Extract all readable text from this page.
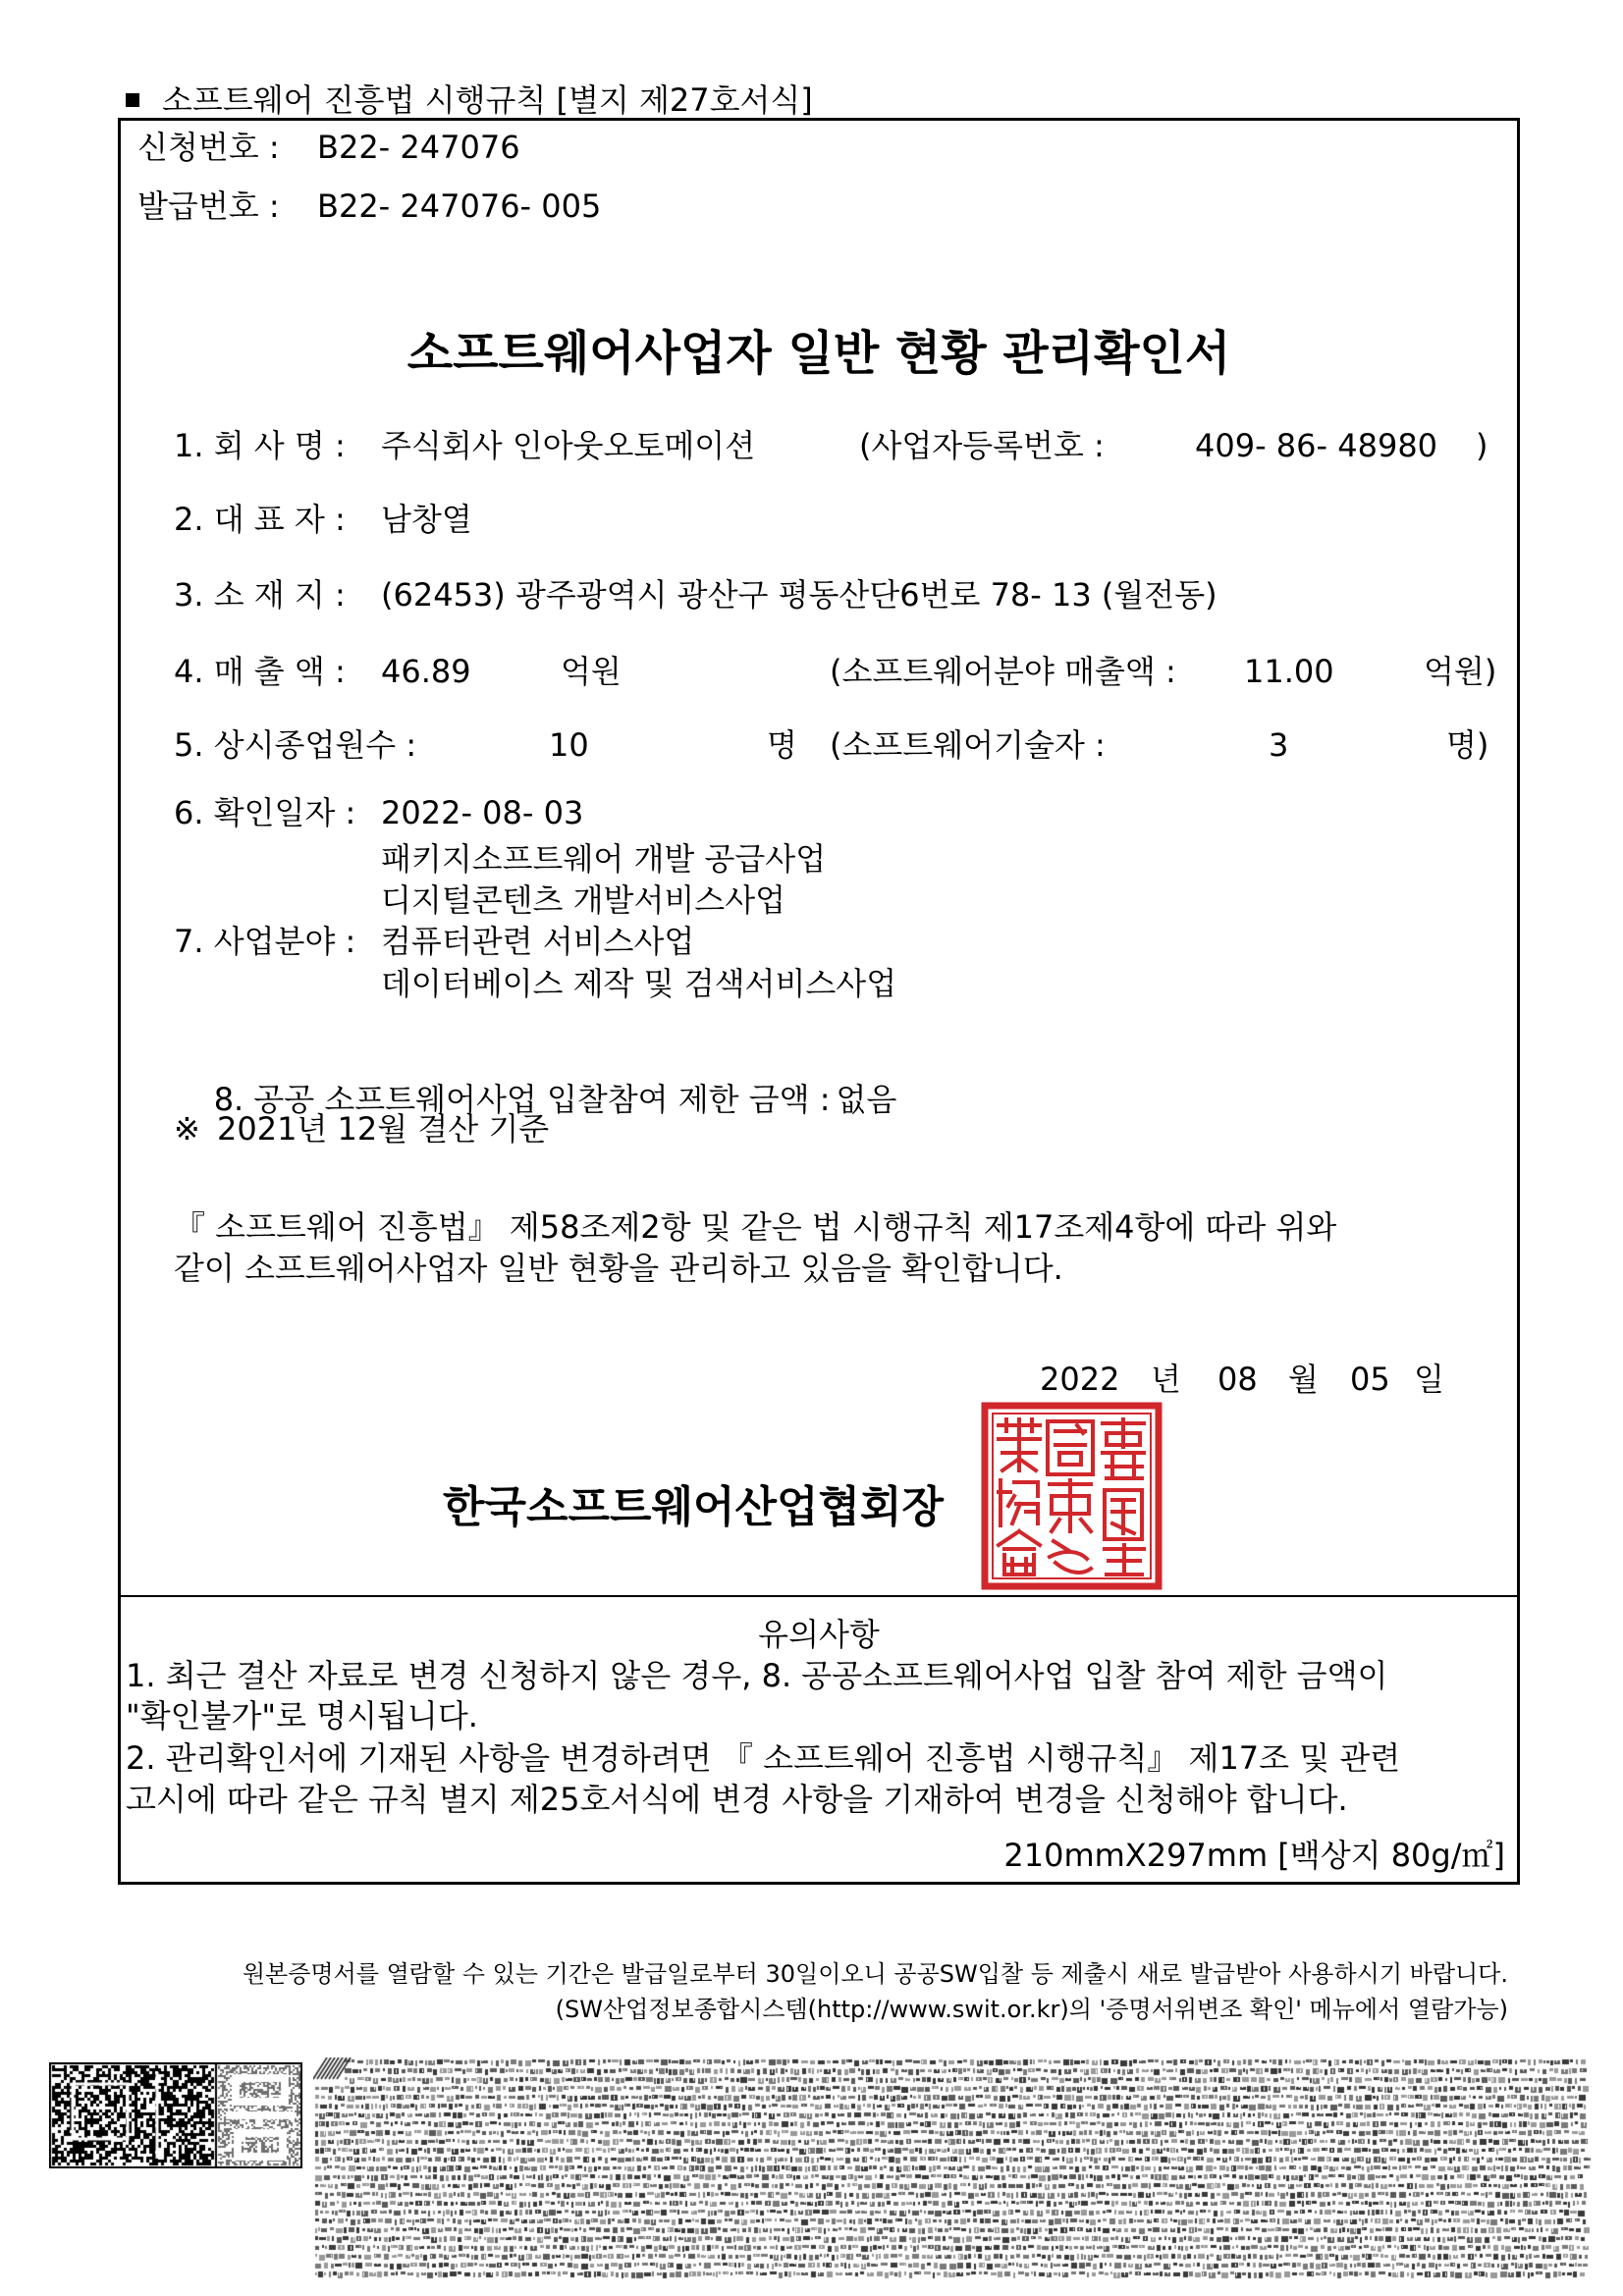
소프트웨어 진흥법 시행규칙 [별지 제27호서식]
신청번호 : B22- 247076
발급번호 : B22- 247076- 005
소프트웨어사업자 일반 현황 관리확인서
1. 회 사 명 : 주식회사 인아웃오토메이션	(사업자등록번호 :	409- 86- 48980 )
2. 대 표 자 : 남창열
3. 소 재 지 : (62453) 광주광역시 광산구 평동산단6번로 78- 13 (월전동)
4. 매 출 액 : 46.89	억원	(소프트웨어분야 매출액 : 11.00	억원)
5. 상시종업원수 :	10	명 (소프트웨어기술자 :	3	명)
6. 확인일자 : 2022- 08- 03
패키지소프트웨어 개발 공급사업
디지털콘텐츠 개발서비스사업
7. 사업분야 : 컴퓨터관련 서비스사업
데이터베이스 제작 및 검색서비스사업

8. 공공 소프트웨어사업 입찰참여 제한 금액 : 없음

※ 2021년 12월 결산 기준
『 소프트웨어 진흥법』 제58조제2항 및 같은 법 시행규칙 제17조제4항에 따라 위와
같이 소프트웨어사업자 일반 현황을 관리하고 있음을 확인합니다.
2022 년 08 월 05 일
한국소프트웨어산업협회장
유의사항
1. 최근 결산 자료로 변경 신청하지 않은 경우, 8. 공공소프트웨어사업 입찰 참여 제한 금액이
"확인불가"로 명시됩니다.
2. 관리확인서에 기재된 사항을 변경하려면 『 소프트웨어 진흥법 시행규칙』 제17조 및 관련
고시에 따라 같은 규칙 별지 제25호서식에 변경 사항을 기재하여 변경을 신청해야 합니다.
210mmX297mm [백상지 80g/㎡]
원본증명서를 열람할 수 있는 기간은 발급일로부터 30일이오니 공공SW입찰 등 제출시 새로 발급받아 사용하시기 바랍니다.
(SW산업정보종합시스템(http://www.swit.or.kr)의 '증명서위변조 확인' 메뉴에서 열람가능)
